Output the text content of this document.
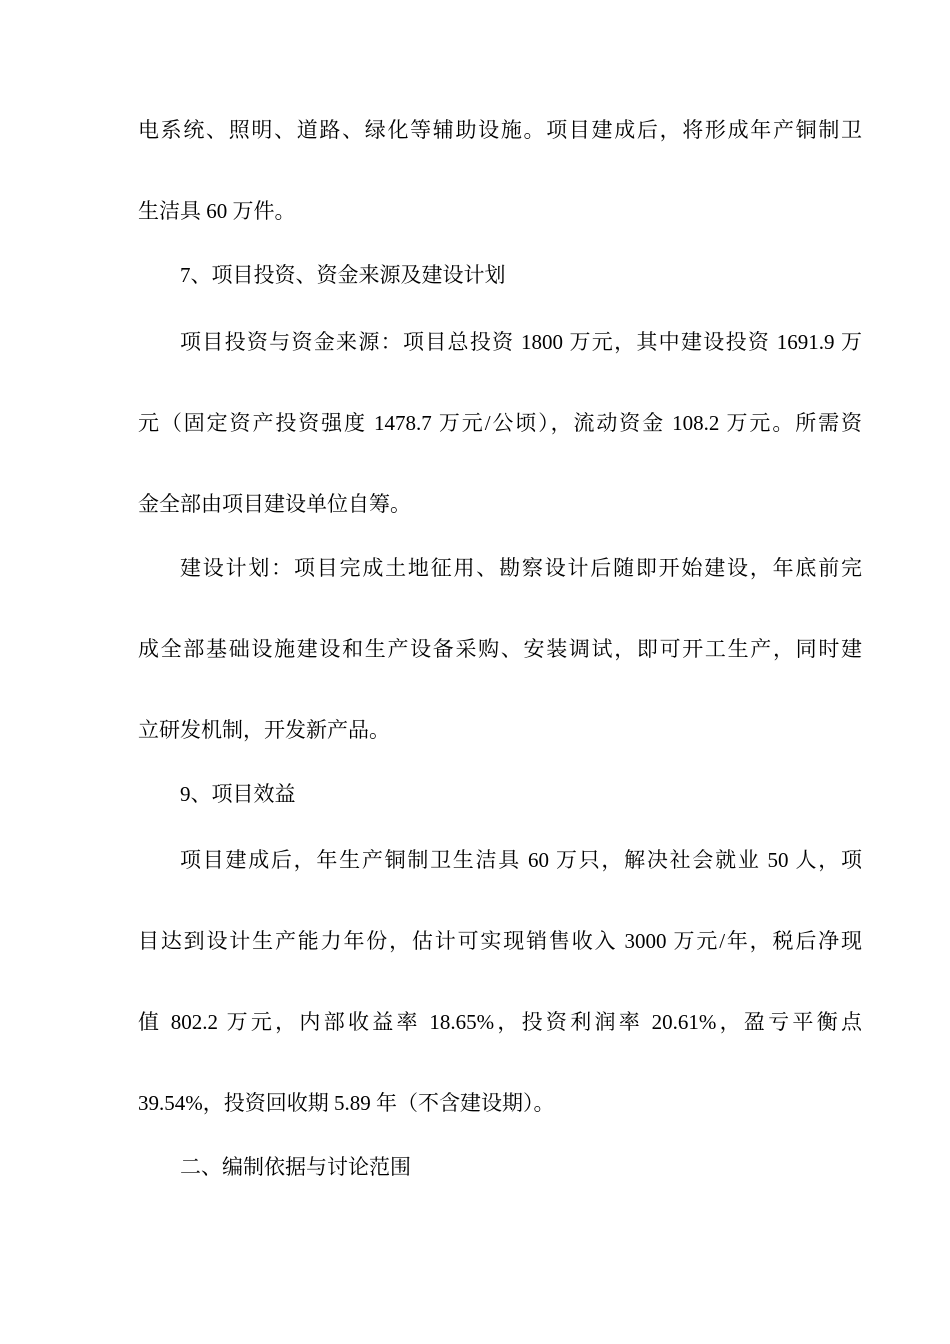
电系统、照明、道路、绿化等辅助设施。项目建成后，将形成年产铜制卫
生洁具 60 万件。
7、项目投资、资金来源及建设计划
项目投资与资金来源：项目总投资 1800 万元，其中建设投资 1691.9 万
元（固定资产投资强度 1478.7 万元/公顷），流动资金 108.2 万元。所需资
金全部由项目建设单位自筹。
建设计划：项目完成土地征用、勘察设计后随即开始建设，年底前完
成全部基础设施建设和生产设备采购、安装调试，即可开工生产，同时建
立研发机制，开发新产品。
9、项目效益
项目建成后，年生产铜制卫生洁具 60 万只，解决社会就业 50 人，项
目达到设计生产能力年份，估计可实现销售收入 3000 万元/年，税后净现
值 802.2 万元，内部收益率 18.65%，投资利润率 20.61%，盈亏平衡点
39.54%，投资回收期 5.89 年（不含建设期）。
二、编制依据与讨论范围
